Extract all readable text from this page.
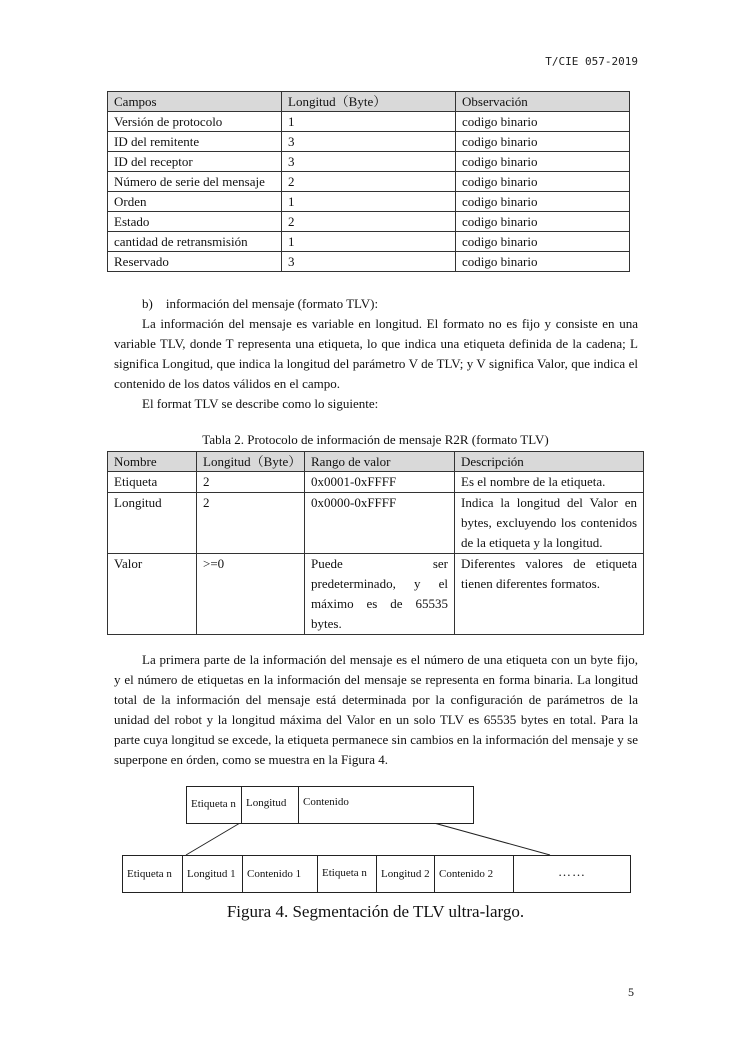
T/CIE 057-2019
Campos	Longitud（Byte）	Observación
Versión de protocolo	1	codigo binario
ID del remitente	3	codigo binario
ID del receptor	3	codigo binario
Número de serie del mensaje	2	codigo binario
Orden	1	codigo binario
Estado	2	codigo binario
cantidad de retransmisión	1	codigo binario
Reservado	3	codigo binario

b) información del mensaje (formato TLV):

La información del mensaje es variable en longitud. El formato no es fijo y consiste en una variable TLV, donde T representa una etiqueta, lo que indica una etiqueta definida de la cadena; L significa Longitud, que indica la longitud del parámetro V de TLV; y V significa Valor, que indica el contenido de los datos válidos en el campo.

El format TLV se describe como lo siguiente:

Tabla 2. Protocolo de información de mensaje R2R (formato TLV)
Nombre	Longitud（Byte）	Rango de valor	Descripción
Etiqueta	2	0x0001-0xFFFF	Es el nombre de la etiqueta.
Longitud	2	0x0000-0xFFFF	Indica la longitud del Valor en bytes, excluyendo los contenidos de la etiqueta y la longitud.
Valor	>=0	Puede ser predeterminado, y el máximo es de 65535 bytes.	Diferentes valores de etiqueta tienen diferentes formatos.

La primera parte de la información del mensaje es el número de una etiqueta con un byte fijo, y el número de etiquetas en la información del mensaje se representa en forma binaria. La longitud total de la información del mensaje está determinada por la configuración de parámetros de la unidad del robot y la longitud máxima del Valor en un solo TLV es 65535 bytes en total. Para la parte cuya longitud se excede, la etiqueta permanece sin cambios en la información del mensaje y se superpone en órden, como se muestra en la Figura 4.

Etiqueta n Longitud	Contenido
Etiqueta n	Longitud 1	Contenido 1	Etiqueta n	Longitud 2 Contenido 2	……
Figura 4. Segmentación de TLV ultra-largo.
5
